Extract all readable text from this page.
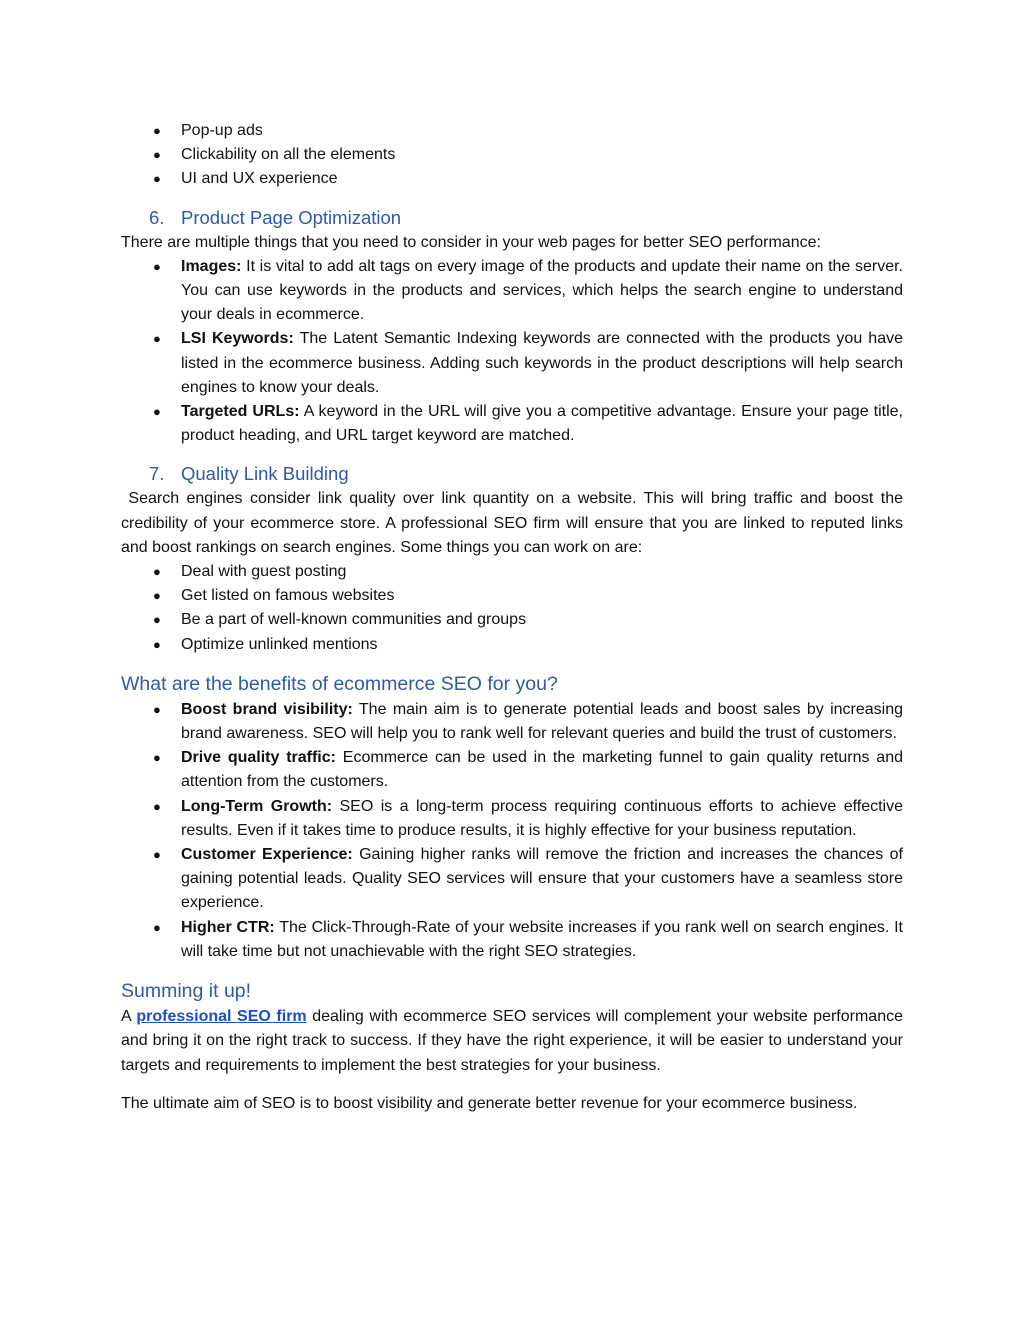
● Pop-up ads
● Clickability on all the elements
● UI and UX experience
6. Product Page Optimization

There are multiple things that you need to consider in your web pages for better SEO performance:

● Images: It is vital to add alt tags on every image of the products and update their name on the server. You can use keywords in the products and services, which helps the search engine to understand your deals in ecommerce.
● LSI Keywords: The Latent Semantic Indexing keywords are connected with the products you have listed in the ecommerce business. Adding such keywords in the product descriptions will help search engines to know your deals.
● Targeted URLs: A keyword in the URL will give you a competitive advantage. Ensure your page title, product heading, and URL target keyword are matched.
7. Quality Link Building

Search engines consider link quality over link quantity on a website. This will bring traffic and boost the credibility of your ecommerce store. A professional SEO firm will ensure that you are linked to reputed links and boost rankings on search engines. Some things you can work on are:

● Deal with guest posting
● Get listed on famous websites
● Be a part of well-known communities and groups
● Optimize unlinked mentions
What are the benefits of ecommerce SEO for you?
● Boost brand visibility: The main aim is to generate potential leads and boost sales by increasing brand awareness. SEO will help you to rank well for relevant queries and build the trust of customers.
● Drive quality traffic: Ecommerce can be used in the marketing funnel to gain quality returns and attention from the customers.
● Long-Term Growth: SEO is a long-term process requiring continuous efforts to achieve effective results. Even if it takes time to produce results, it is highly effective for your business reputation.
● Customer Experience: Gaining higher ranks will remove the friction and increases the chances of gaining potential leads. Quality SEO services will ensure that your customers have a seamless store experience.
● Higher CTR: The Click-Through-Rate of your website increases if you rank well on search engines. It will take time but not unachievable with the right SEO strategies.
Summing it up!

A professional SEO firm dealing with ecommerce SEO services will complement your website performance and bring it on the right track to success. If they have the right experience, it will be easier to understand your targets and requirements to implement the best strategies for your business.

The ultimate aim of SEO is to boost visibility and generate better revenue for your ecommerce business.
